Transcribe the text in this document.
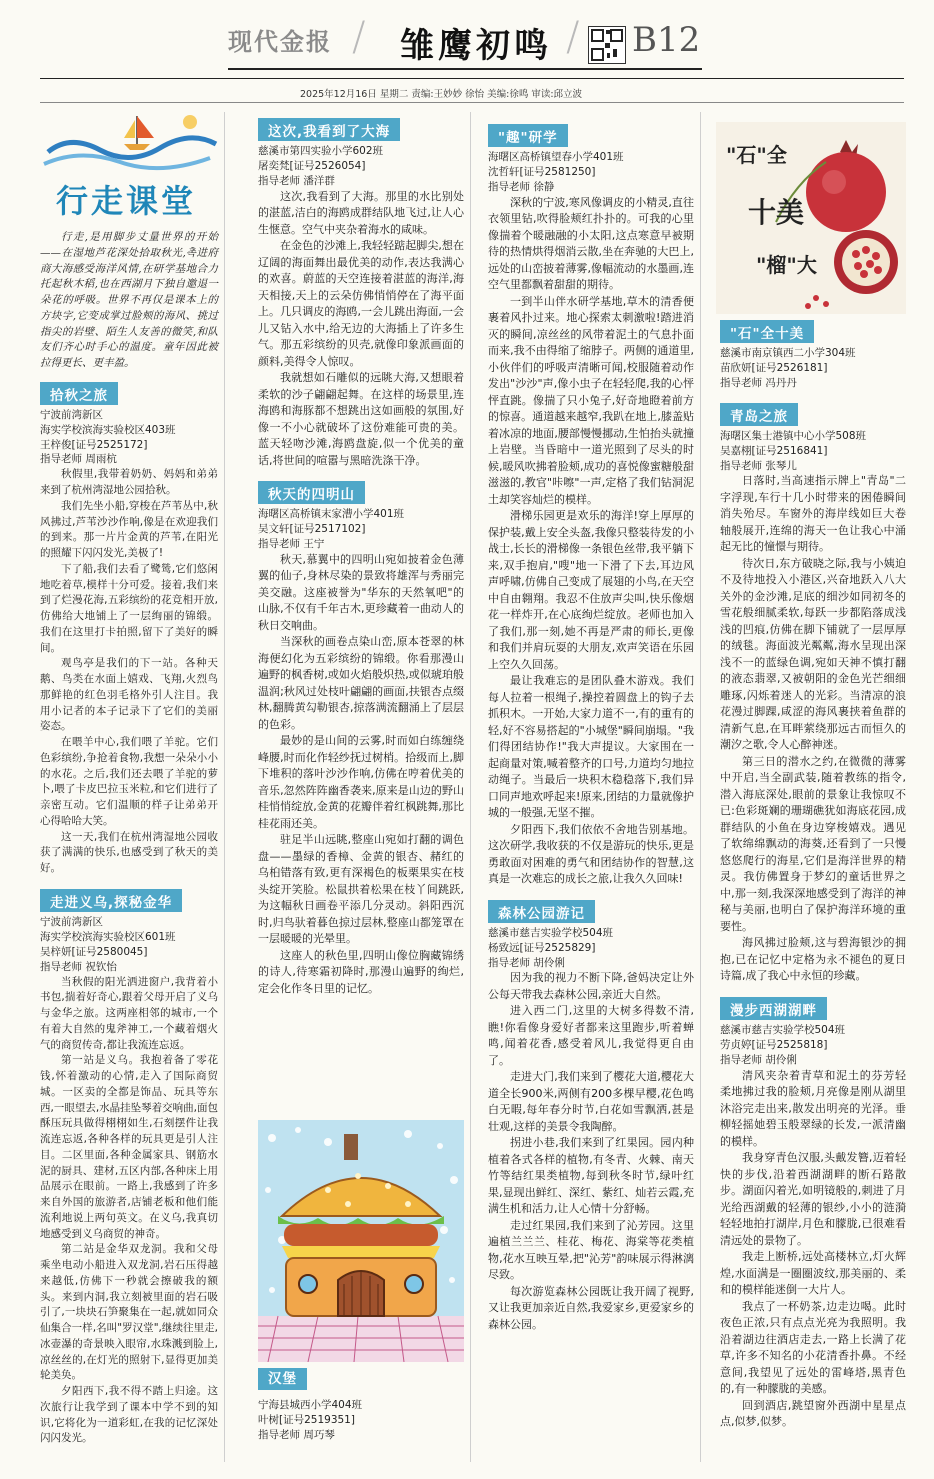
现代金报 / 雏鹰初鸣 / B12
2025年12月16日 星期二 责编:王妙妙 徐怡 美编:徐鸣 审读:邱立波
行走课堂

行走,是用脚步丈量世界的开始——在湿地芦花深处拾取秋光,촉进府商大海感受海洋风情,在研学基地合力托起秋木稻,也在西湖月下独自邀退一朵花的呼吸。世界不再仅是课本上的方块字,它变成掌过脸颊的海风、挑过指尖的岩壁、陌生人友善的微笑,和队友们齐心时手心的温度。童年因此被拉得更长、更丰盈。

拾秋之旅
宁波前湾新区
海实学校滨海实验校区403班
王梓俊[证号2525172]
指导老师 周雨杭

秋假里,我带着奶奶、妈妈和弟弟来到了杭州湾湿地公园拾秋。

我们先坐小船,穿梭在芦苇丛中,秋风拂过,芦苇沙沙作响,像是在欢迎我们的到来。那一片片金黄的芦苇,在阳光的照耀下闪闪发光,美极了!

下了船,我们去看了鹭鸶,它们悠闲地吃着草,模样十分可爱。接着,我们来到了烂漫花海,五彩缤纷的花竞相开放,仿佛给大地铺上了一层绚丽的锦缎。我们在这里打卡拍照,留下了美好的瞬间。

观鸟亭是我们的下一站。各种天鹅、鸟类在水面上嬉戏、飞翔,火烈鸟那鲜艳的红色羽毛格外引人注目。我用小记者的本子记录下了它们的美丽姿态。

在喂羊中心,我们喂了羊驼。它们色彩缤纷,争抢着食物,我想一朵朵小小的水花。之后,我们还去喂了羊驼的萝卜,喂了卡皮巴拉玉米粒,和它们进行了亲密互动。它们温顺的样子让弟弟开心得哈哈大笑。

这一天,我们在杭州湾湿地公园收获了满满的快乐,也感受到了秋天的美好。

走进义乌,探秘金华
宁波前湾新区
海实学校滨海实验校区601班
吴梓妍[证号2580045]
指导老师 祝钦怡

当秋假的阳光洒进窗户,我背着小书包,揣着好奇心,跟着父母开启了义乌与金华之旅。这两座相邻的城市,一个有着大自然的鬼斧神工,一个藏着烟火气的商贸传奇,都让我流连忘返。

第一站是义乌。我抱着备了零花钱,怀着激动的心情,走入了国际商贸城。一区卖的全都是饰品、玩具等东西,一眼望去,水晶挂坠琴着交响曲,面包酥压玩具做得栩栩如生,石刻摆件让我流连忘返,各种各样的玩具更是引人注目。二区里面,各种金属家具、钢筋水泥的厨具、建材,五区内部,各种床上用品展示在眼前。一路上,我感到了许多来自外国的旅游者,店铺老板和他们能流利地说上两句英文。在义乌,我真切地感受到义乌商贸的神奇。

第二站是金华双龙洞。我和父母乘坐电动小船进入双龙洞,岩石压得越来越低,仿佛下一秒就会擦破我的额头。来到内洞,我立刻被里面的岩石吸引了,一块块石笋聚集在一起,就如同众仙集合一样,名叫"罗汉堂",继续往里走,冰壶瀑的奇景映入眼帘,水珠溅到脸上,凉丝丝的,在灯光的照射下,显得更加美轮美奂。

夕阳西下,我不得不踏上归途。这次旅行让我学到了课本中学不到的知识,它将化为一道彩虹,在我的记忆深处闪闪发光。

这次,我看到了大海
慈溪市第四实验小学602班
屠奕梵[证号2526054]
指导老师 潘洋群

这次,我看到了大海。那里的水比别处的湛蓝,洁白的海鸥成群结队地飞过,让人心生惬意。空气中夹杂着海水的咸味。

在金色的沙滩上,我轻轻踮起脚尖,想在辽阔的海面舞出最优美的动作,表达我满心的欢喜。蔚蓝的天空连接着湛蓝的海洋,海天相接,天上的云朵仿佛悄悄停在了海平面上。几只调皮的海鸥,一会儿跳出海面,一会儿又钻入水中,给无边的大海插上了许多生气。那五彩缤纷的贝壳,就像印象派画面的颜料,美得令人惊叹。

我就想如石雕似的远眺大海,又想眼着柔软的沙子翩翩起舞。在这样的场景里,连海鸥和海豚都不想跳出这如画般的氛围,好像一不小心就破坏了这份难能可贵的美。蓝天轻吻沙滩,海鸥盘旋,似一个优美的童话,将世间的喧嚣与黑暗洗涤干净。

秋天的四明山
海曙区高桥镇末家漕小学401班
吴文轩[证号2517102]
指导老师 王宁

秋天,慕翼中的四明山宛如披着金色薄翼的仙子,身林尽染的景致将雄浑与秀丽完美交融。这座被誉为"华东的天然氧吧"的山脉,不仅有千年古木,更珍藏着一曲动人的秋日交响曲。

当深秋的画卷点染山峦,原本苍翠的林海便幻化为五彩缤纷的锦缎。你看那漫山遍野的枫香树,或如火焰般炽热,或似琥珀般温润;秋风过处枝叶翩翩的画面,扶银杏点缀林,翻腾黄勾勒银杏,掠落满流翻涌上了层层的色彩。

最妙的是山间的云雾,时而如白练缠绕峰腰,时而化作轻纱抚过树梢。拾级而上,脚下堆积的落叶沙沙作响,仿佛在哼着优美的音乐,忽然阵阵幽香袭来,原来是山边的野山桂悄悄绽放,金黄的花瓣伴着红枫跳舞,那比桂花雨还美。

驻足半山远眺,整座山宛如打翻的调色盘——墨绿的香樟、金黄的银杏、赭红的乌桕错落有致,更有深褐色的板栗果实在枝头绽开笑脸。松鼠拱着松果在枝丫间跳跃,为这幅秋日画卷平添几分灵动。斜阳西沉时,归鸟驮着暮色掠过层林,整座山都笼罩在一层暖暖的光晕里。

这座人的秋色里,四明山像位胸藏锦绣的诗人,待寒霜初降时,那漫山遍野的绚烂,定会化作冬日里的记忆。

汉堡
宁海县城西小学404班
叶树[证号2519351]
指导老师 周巧琴
"趣"研学
海曙区高桥镇望春小学401班
沈哲轩[证号2581250]
指导老师 徐静

深秋的宁波,寒风像调皮的小精灵,直往衣领里钻,吹得脸颊红扑扑的。可我的心里像揣着个暖融融的小太阳,这点寒意早被期待的热情烘得烟消云散,坐在奔驰的大巴上,远处的山峦披着薄雾,像幅流动的水墨画,连空气里都飘着甜甜的期待。

一到半山伴水研学基地,草木的清香便裹着风扑过来。地心探索太刺激啦!踏进消灭的瞬间,凉丝丝的风带着泥土的气息扑面而来,我不由得缩了缩脖子。两侧的通道里,小伙伴们的呼吸声清晰可闻,校服随着动作发出"沙沙"声,像小虫子在轻轻爬,我的心怦怦直跳。像揣了只小兔子,好奇地瞪着前方的惊喜。通道越来越窄,我趴在地上,膝盖贴着冰凉的地面,腰部慢慢挪动,生怕抬头就撞上岩壁。当昏暗中一道光照到了尽头的时候,暖风吹拂着脸颊,成功的喜悦像蜜糖般甜滋滋的,教官"咔嚓"一声,定格了我们钻洞泥土却笑容灿烂的模样。

滑梯乐园更是欢乐的海洋!穿上厚厚的保护装,戴上安全头盔,我像只整装待发的小战士,长长的滑梯像一条银色丝带,我平躺下来,双手抱肩,"嗖"地一下滑了下去,耳边风声呼啸,仿佛自己变成了展翅的小鸟,在天空中自由翱翔。我忍不住放声尖叫,快乐像烟花一样炸开,在心底绚烂绽放。老师也加入了我们,那一刻,她不再是严肃的师长,更像和我们并肩玩耍的大朋友,欢声笑语在乐园上空久久回荡。

最让我难忘的是团队叠木游戏。我们每人拉着一根绳子,操控着圆盘上的钩子去抓积木。一开始,大家力道不一,有的重有的轻,好不容易搭起的"小城堡"瞬间崩塌。"我们得团结协作!"我大声提议。大家围在一起商量对策,喊着整齐的口号,力道均匀地拉动绳子。当最后一块积木稳稳落下,我们异口同声地欢呼起来!原来,团结的力量就像护城的一般强,无坚不摧。

夕阳西下,我们依依不舍地告别基地。这次研学,我收获的不仅是游玩的快乐,更是勇敢面对困难的勇气和团结协作的智慧,这真是一次难忘的成长之旅,让我久久回味!

森林公园游记
慈溪市慈吉实验学校504班
杨致远[证号2525829]
指导老师 胡伶俐

因为我的视力不断下降,爸妈决定让外公每天带我去森林公园,亲近大自然。

进入西二门,这里的大树多得数不清,瞧!你看像身爱好者都来这里跑步,听着蝉鸣,闻着花香,感受着风儿,我觉得更自由了。

走进大门,我们来到了樱花大道,樱花大道全长900米,两侧有200多棵早樱,花色鸣白无暇,每年春分时节,白花如雪飘洒,甚是壮观,这样的美景令我陶醉。

拐进小巷,我们来到了红果园。园内种植着各式各样的植物,有冬青、火棘、南天竹等结红果类植物,每到秋冬时节,绿叶红果,显现出鲜红、深红、紫红、灿若云霞,充满生机和活力,让人心情十分舒畅。

走过红果园,我们来到了沁芳园。这里遍植兰兰兰、桂花、梅花、海棠等花类植物,花水互映互晕,把"沁芳"韵味展示得淋漓尽致。

每次游览森林公园既让我开阔了视野,又让我更加亲近自然,我爱家乡,更爱家乡的森林公园。

"石"全
十美
"榴"大
"石"全十美
慈溪市南京镇西二小学304班
苗欣妍[证号2526181]
指导老师 冯丹丹
青岛之旅
海曙区集士港镇中心小学508班
吴嘉栩[证号2516841]
指导老师 张琴儿

日落时,当高速指示牌上"青岛"二字浮现,车行十几小时带来的困倦瞬间消失殆尽。车窗外的海岸线如巨大卷轴般展开,连绵的海天一色让我心中涌起无比的憧憬与期待。

待次日,东方破晓之际,我与小姨迫不及待地投入小港区,兴奋地跃入八大关外的金沙滩,足底的细沙如同初冬的雪花般细腻柔软,每跃一步都陷落成浅浅的凹痕,仿佛在脚下铺就了一层厚厚的绒毯。海面波光粼粼,海水呈现出深浅不一的蓝绿色调,宛如天神不慎打翻的液态翡翠,又被朝阳的金色光芒细细雕琢,闪烁着迷人的光彩。当清凉的浪花漫过脚踝,咸涩的海风裹挟着鱼群的清新气息,在耳畔萦绕那远古而恒久的潮汐之歌,令人心醉神迷。

第三日的潜水之约,在微微的薄雾中开启,当全副武装,随着教练的指令,潜入海底深处,眼前的景象让我惊叹不已:色彩斑斓的珊瑚礁犹如海底花园,成群结队的小鱼在身边穿梭嬉戏。遇见了软绵绵飘动的海葵,还看到了一只慢悠悠爬行的海星,它们是海洋世界的精灵。我仿佛置身于梦幻的童话世界之中,那一刻,我深深地感受到了海洋的神秘与美丽,也明白了保护海洋环境的重要性。

海风拂过脸颊,这与碧海银沙的拥抱,已在记忆中定格为永不褪色的夏日诗篇,成了我心中永恒的珍藏。

漫步西湖湖畔
慈溪市慈吉实验学校504班
劳贞婷[证号2525818]
指导老师 胡伶俐

清风夹杂着青草和泥土的芬芳轻柔地拂过我的脸颊,月亮像是刚从湖里沐浴完走出来,散发出明亮的光泽。垂柳轻摇她碧玉般翠绿的长发,一派清幽的模样。

我身穿青色汉服,头戴发簪,迈着轻快的步伐,沿着西湖湖畔的断石路散步。湖面闪着光,如明镜般的,刺进了月光给西湖戴的轻薄的银纱,小小的涟漪轻轻地拍打湖岸,月色和朦胧,已很难看清远处的景物了。

我走上断桥,远处高楼林立,灯火辉煌,水面满是一圈圈波纹,那美丽的、柔和的模样能迷倒一大片人。

我点了一杯奶茶,边走边喝。此时夜色正浓,只有点点光亮为我照明。我沿着湖边往酒店走去,一路上长满了花草,许多不知名的小花清香扑鼻。不经意间,我望见了远处的雷峰塔,黑青色的,有一种朦胧的美感。

回到酒店,跳望窗外西湖中星星点点,似梦,似梦。
